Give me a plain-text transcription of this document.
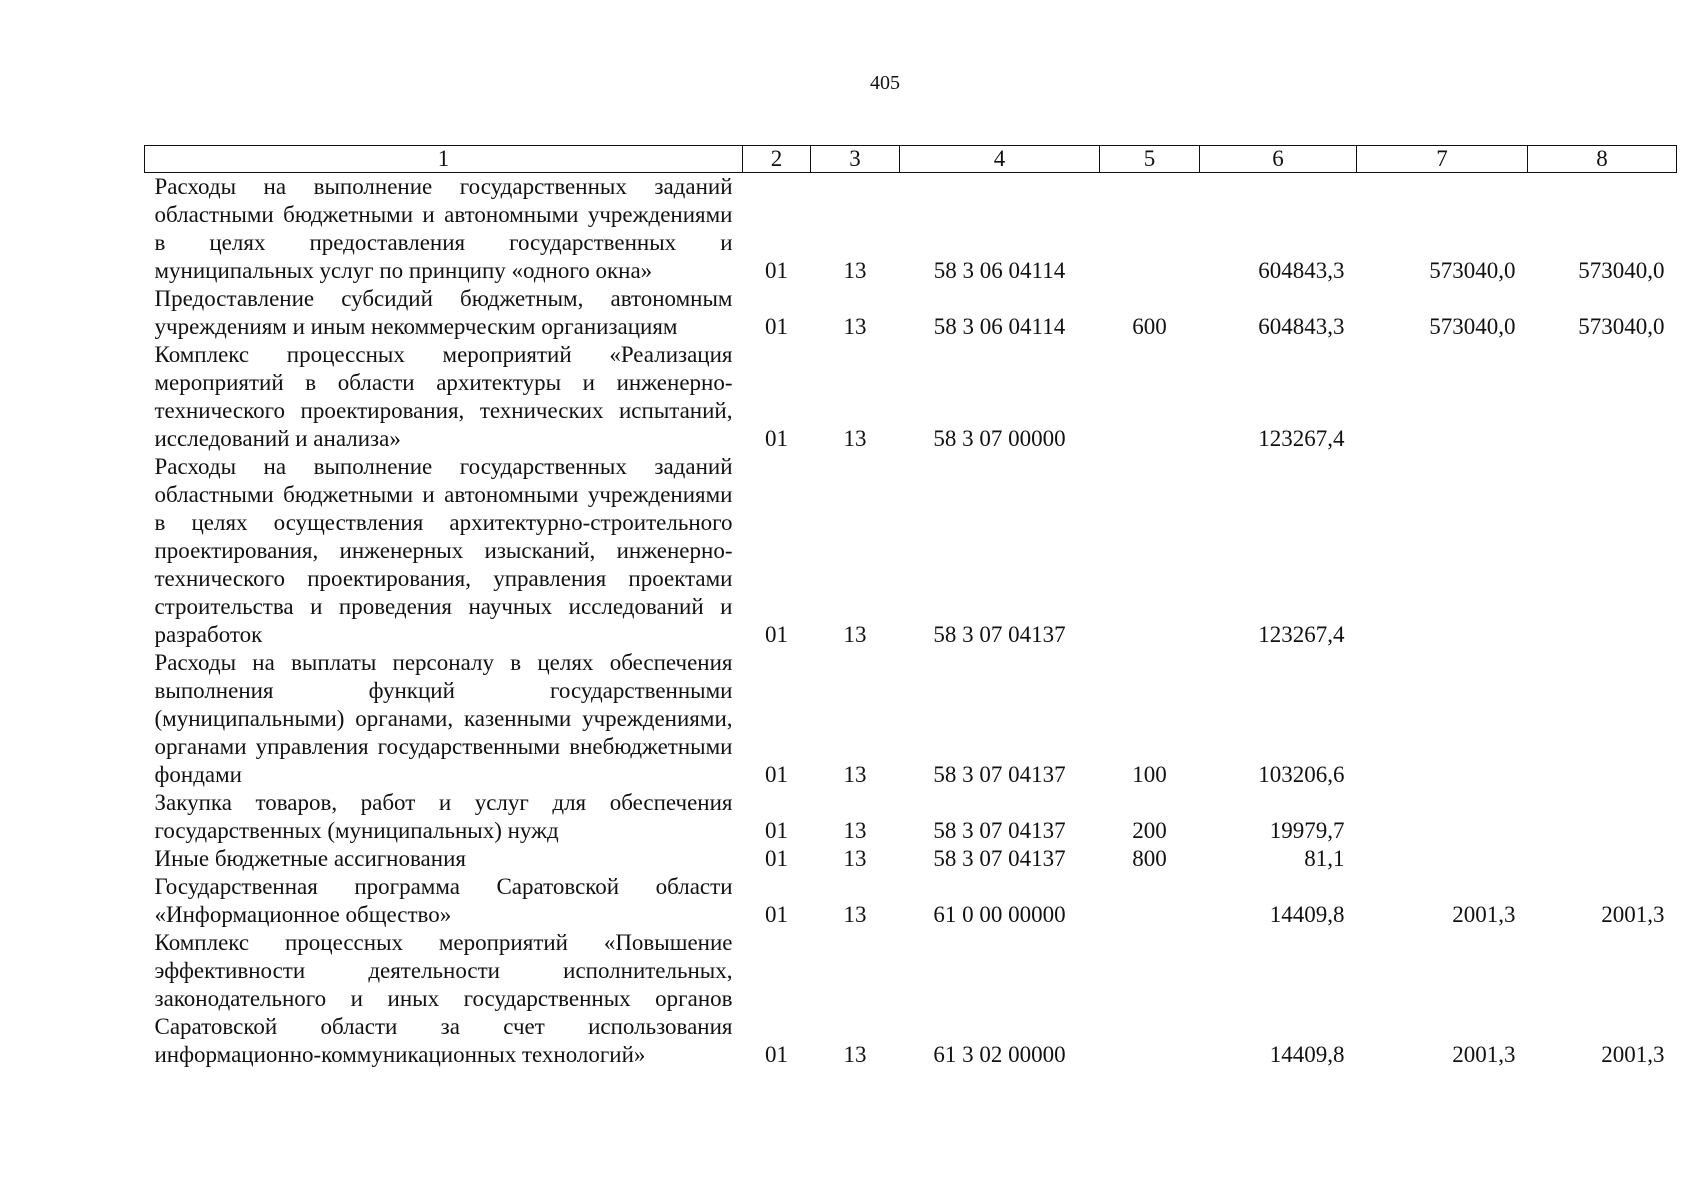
405
1	2	3	4	5	6	7	8
Расходы на выполнение государственных заданий областными бюджетными и автономными учреждениями в целях предоставления государственных и муниципальных услуг по принципу «одного окна»	01	13	58 3 06 04114		604843,3	573040,0	573040,0
Предоставление субсидий бюджетным, автономным учреждениям и иным некоммерческим организациям	01	13	58 3 06 04114	600	604843,3	573040,0	573040,0
Комплекс процессных мероприятий «Реализация мероприятий в области архитектуры и инженерно-технического проектирования, технических испытаний, исследований и анализа»	01	13	58 3 07 00000		123267,4		
Расходы на выполнение государственных заданий областными бюджетными и автономными учреждениями в целях осуществления архитектурно-строительного проектирования, инженерных изысканий, инженерно-технического проектирования, управления проектами строительства и проведения научных исследований и разработок	01	13	58 3 07 04137		123267,4		
Расходы на выплаты персоналу в целях обеспечения выполнения функций государственными (муниципальными) органами, казенными учреждениями, органами управления государственными внебюджетными фондами	01	13	58 3 07 04137	100	103206,6		
Закупка товаров, работ и услуг для обеспечения государственных (муниципальных) нужд	01	13	58 3 07 04137	200	19979,7		
Иные бюджетные ассигнования	01	13	58 3 07 04137	800	81,1		
Государственная программа Саратовской области «Информационное общество»	01	13	61 0 00 00000		14409,8	2001,3	2001,3
Комплекс процессных мероприятий «Повышение эффективности деятельности исполнительных, законодательного и иных государственных органов Саратовской области за счет использования информационно-коммуникационных технологий»	01	13	61 3 02 00000		14409,8	2001,3	2001,3
